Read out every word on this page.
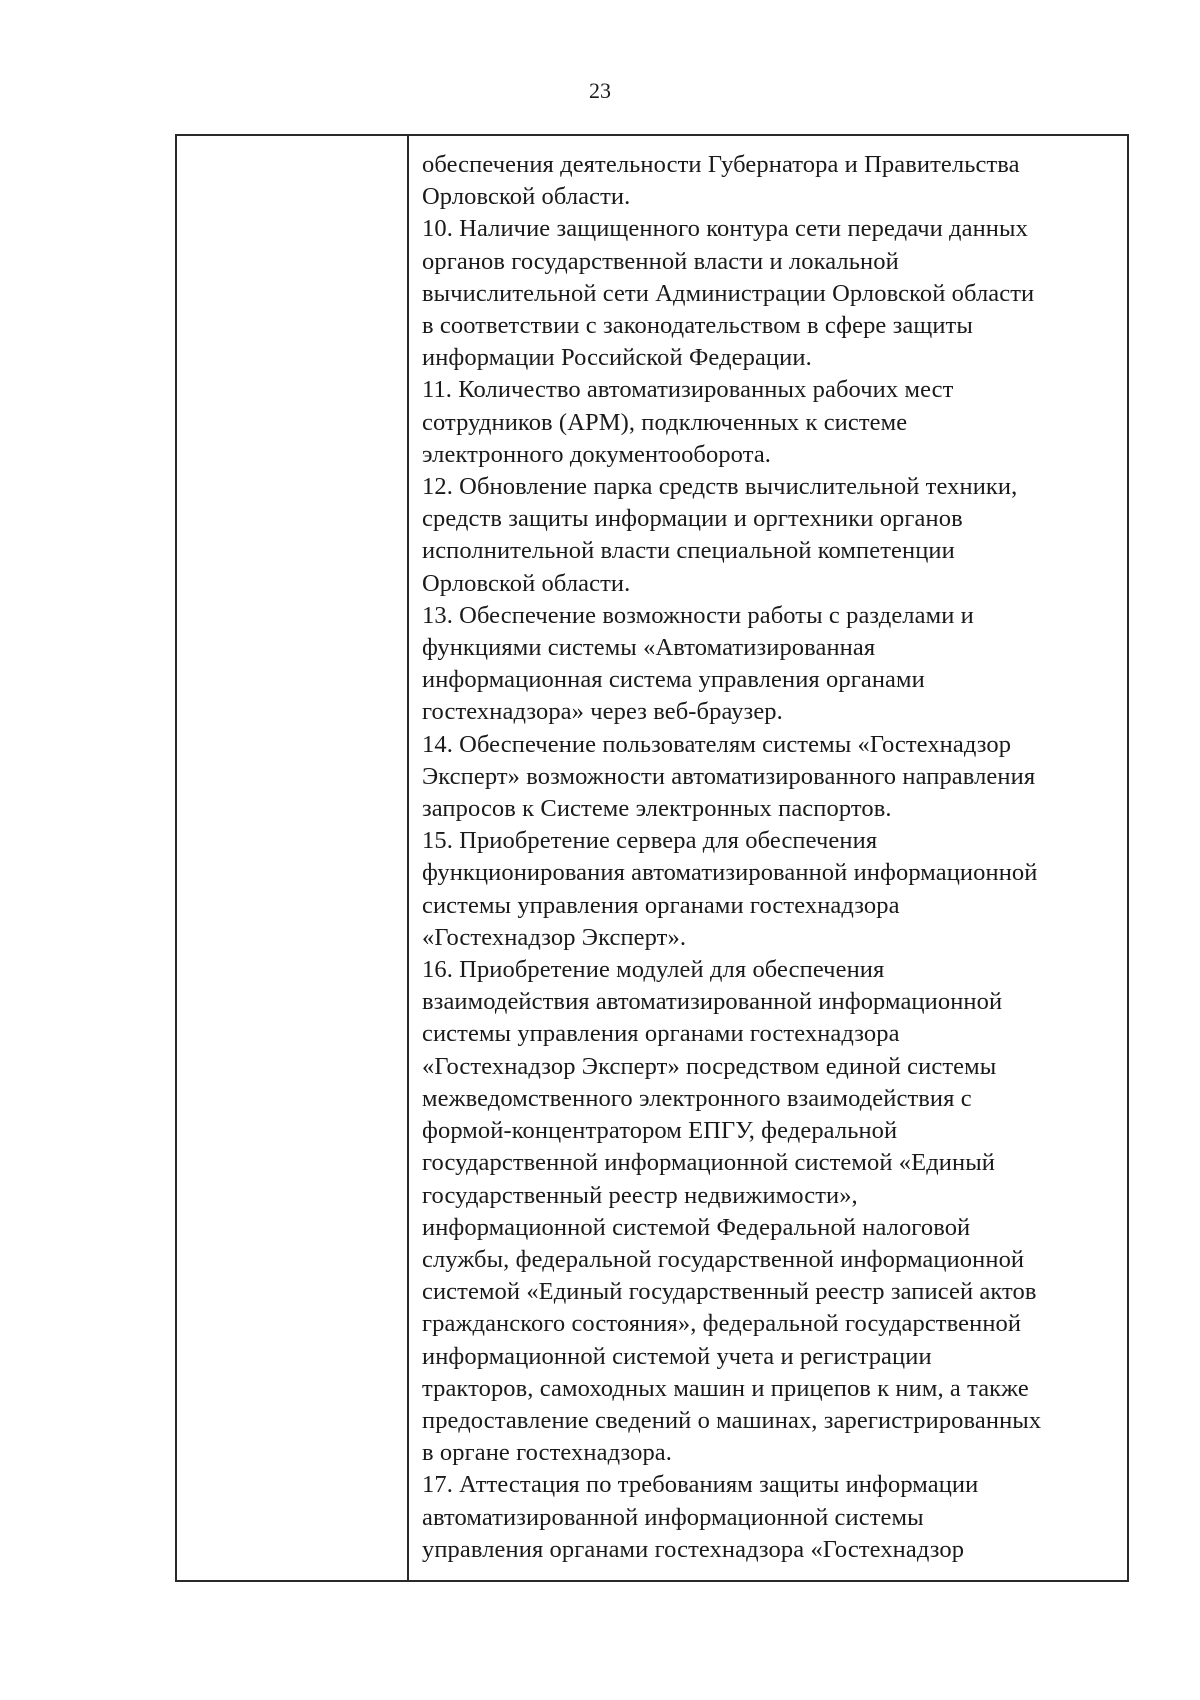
23
обеспечения деятельности Губернатора и Правительства
Орловской области.
10. Наличие защищенного контура сети передачи данных
органов государственной власти и локальной
вычислительной сети Администрации Орловской области
в соответствии с законодательством в сфере защиты
информации Российской Федерации.
11. Количество автоматизированных рабочих мест
сотрудников (АРМ), подключенных к системе
электронного документооборота.
12. Обновление парка средств вычислительной техники,
средств защиты информации и оргтехники органов
исполнительной власти специальной компетенции
Орловской области.
13. Обеспечение возможности работы с разделами и
функциями системы «Автоматизированная
информационная система управления органами
гостехнадзора» через веб-браузер.
14. Обеспечение пользователям системы «Гостехнадзор
Эксперт» возможности автоматизированного направления
запросов к Системе электронных паспортов.
15. Приобретение сервера для обеспечения
функционирования автоматизированной информационной
системы управления органами гостехнадзора
«Гостехнадзор Эксперт».
16. Приобретение модулей для обеспечения
взаимодействия автоматизированной информационной
системы управления органами гостехнадзора
«Гостехнадзор Эксперт» посредством единой системы
межведомственного электронного взаимодействия с
формой-концентратором ЕПГУ, федеральной
государственной информационной системой «Единый
государственный реестр недвижимости»,
информационной системой Федеральной налоговой
службы, федеральной государственной информационной
системой «Единый государственный реестр записей актов
гражданского состояния», федеральной государственной
информационной системой учета и регистрации
тракторов, самоходных машин и прицепов к ним, а также
предоставление сведений о машинах, зарегистрированных
в органе гостехнадзора.
17. Аттестация по требованиям защиты информации
автоматизированной информационной системы
управления органами гостехнадзора «Гостехнадзор
